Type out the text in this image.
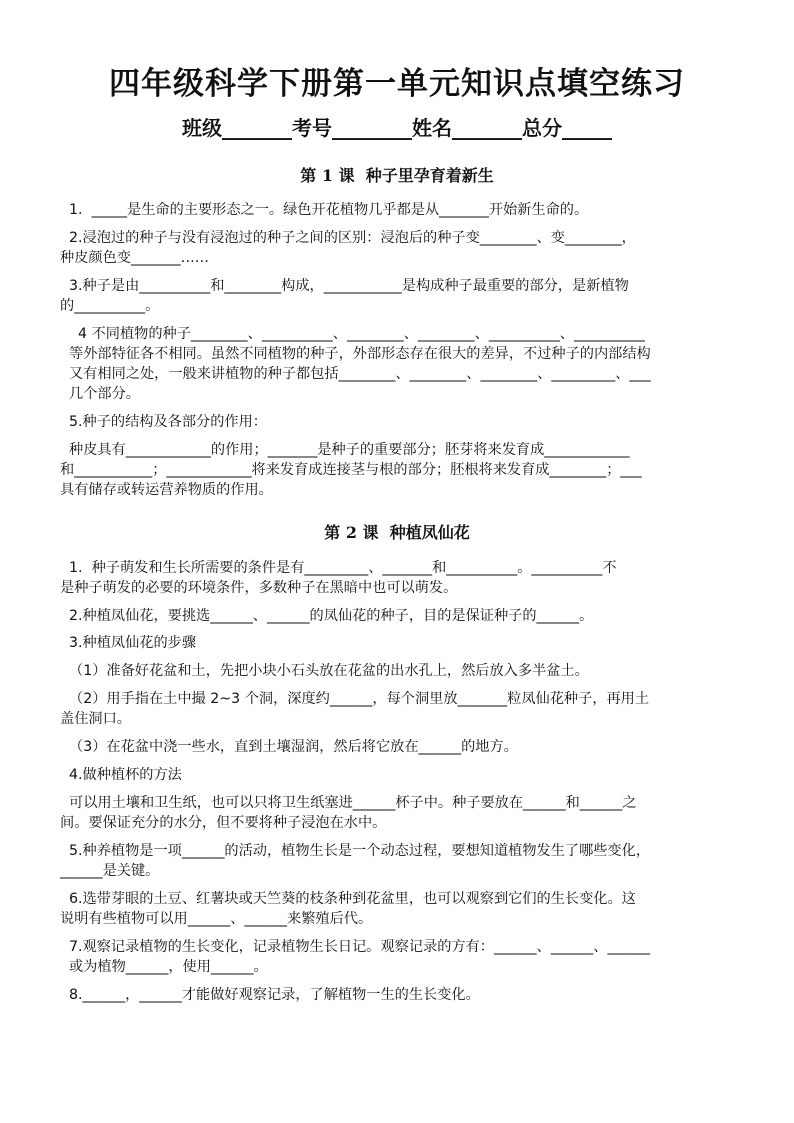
四年级科学下册第一单元知识点填空练习

班级_______考号________姓名_______总分_____

第 1 课  种子里孕育着新生

1.  _____是生命的主要形态之一。绿色开花植物几乎都是从_______开始新生命的。

2.浸泡过的种子与没有浸泡过的种子之间的区别：浸泡后的种子变________、变________，

种皮颜色变_______……

3.种子是由__________和________构成，___________是构成种子最重要的部分，是新植物

的__________。

4 不同植物的种子________、__________、________、________、__________、__________

等外部特征各不相同。虽然不同植物的种子，外部形态存在很大的差异，不过种子的内部结构

又有相同之处，一般来讲植物的种子都包括________、________、________、_________、___

几个部分。

5.种子的结构及各部分的作用：

种皮具有____________的作用；_______是种子的重要部分；胚芽将来发育成____________

和___________；____________将来发育成连接茎与根的部分；胚根将来发育成________；___

具有储存或转运营养物质的作用。

第 2 课  种植凤仙花

1.  种子萌发和生长所需要的条件是有_________、_______和__________。__________不

是种子萌发的必要的环境条件，多数种子在黑暗中也可以萌发。

2.种植凤仙花，要挑选______、______的凤仙花的种子，目的是保证种子的______。

3.种植凤仙花的步骤

（1）准备好花盆和土，先把小块小石头放在花盆的出水孔上，然后放入多半盆土。

（2）用手指在土中撮 2~3 个洞，深度约______，每个洞里放_______粒凤仙花种子，再用土

盖住洞口。

（3）在花盆中浇一些水，直到土壤湿润，然后将它放在______的地方。

4.做种植杯的方法

可以用土壤和卫生纸，也可以只将卫生纸塞进______杯子中。种子要放在______和______之

间。要保证充分的水分，但不要将种子浸泡在水中。

5.种养植物是一项______的活动，植物生长是一个动态过程，要想知道植物发生了哪些变化，

______是关键。

6.选带芽眼的土豆、红薯块或天竺葵的枝条种到花盆里，也可以观察到它们的生长变化。这

说明有些植物可以用______、______来繁殖后代。

7.观察记录植物的生长变化，记录植物生长日记。观察记录的方有：______、______、______

或为植物______，使用______。

8.______，______才能做好观察记录，了解植物一生的生长变化。
